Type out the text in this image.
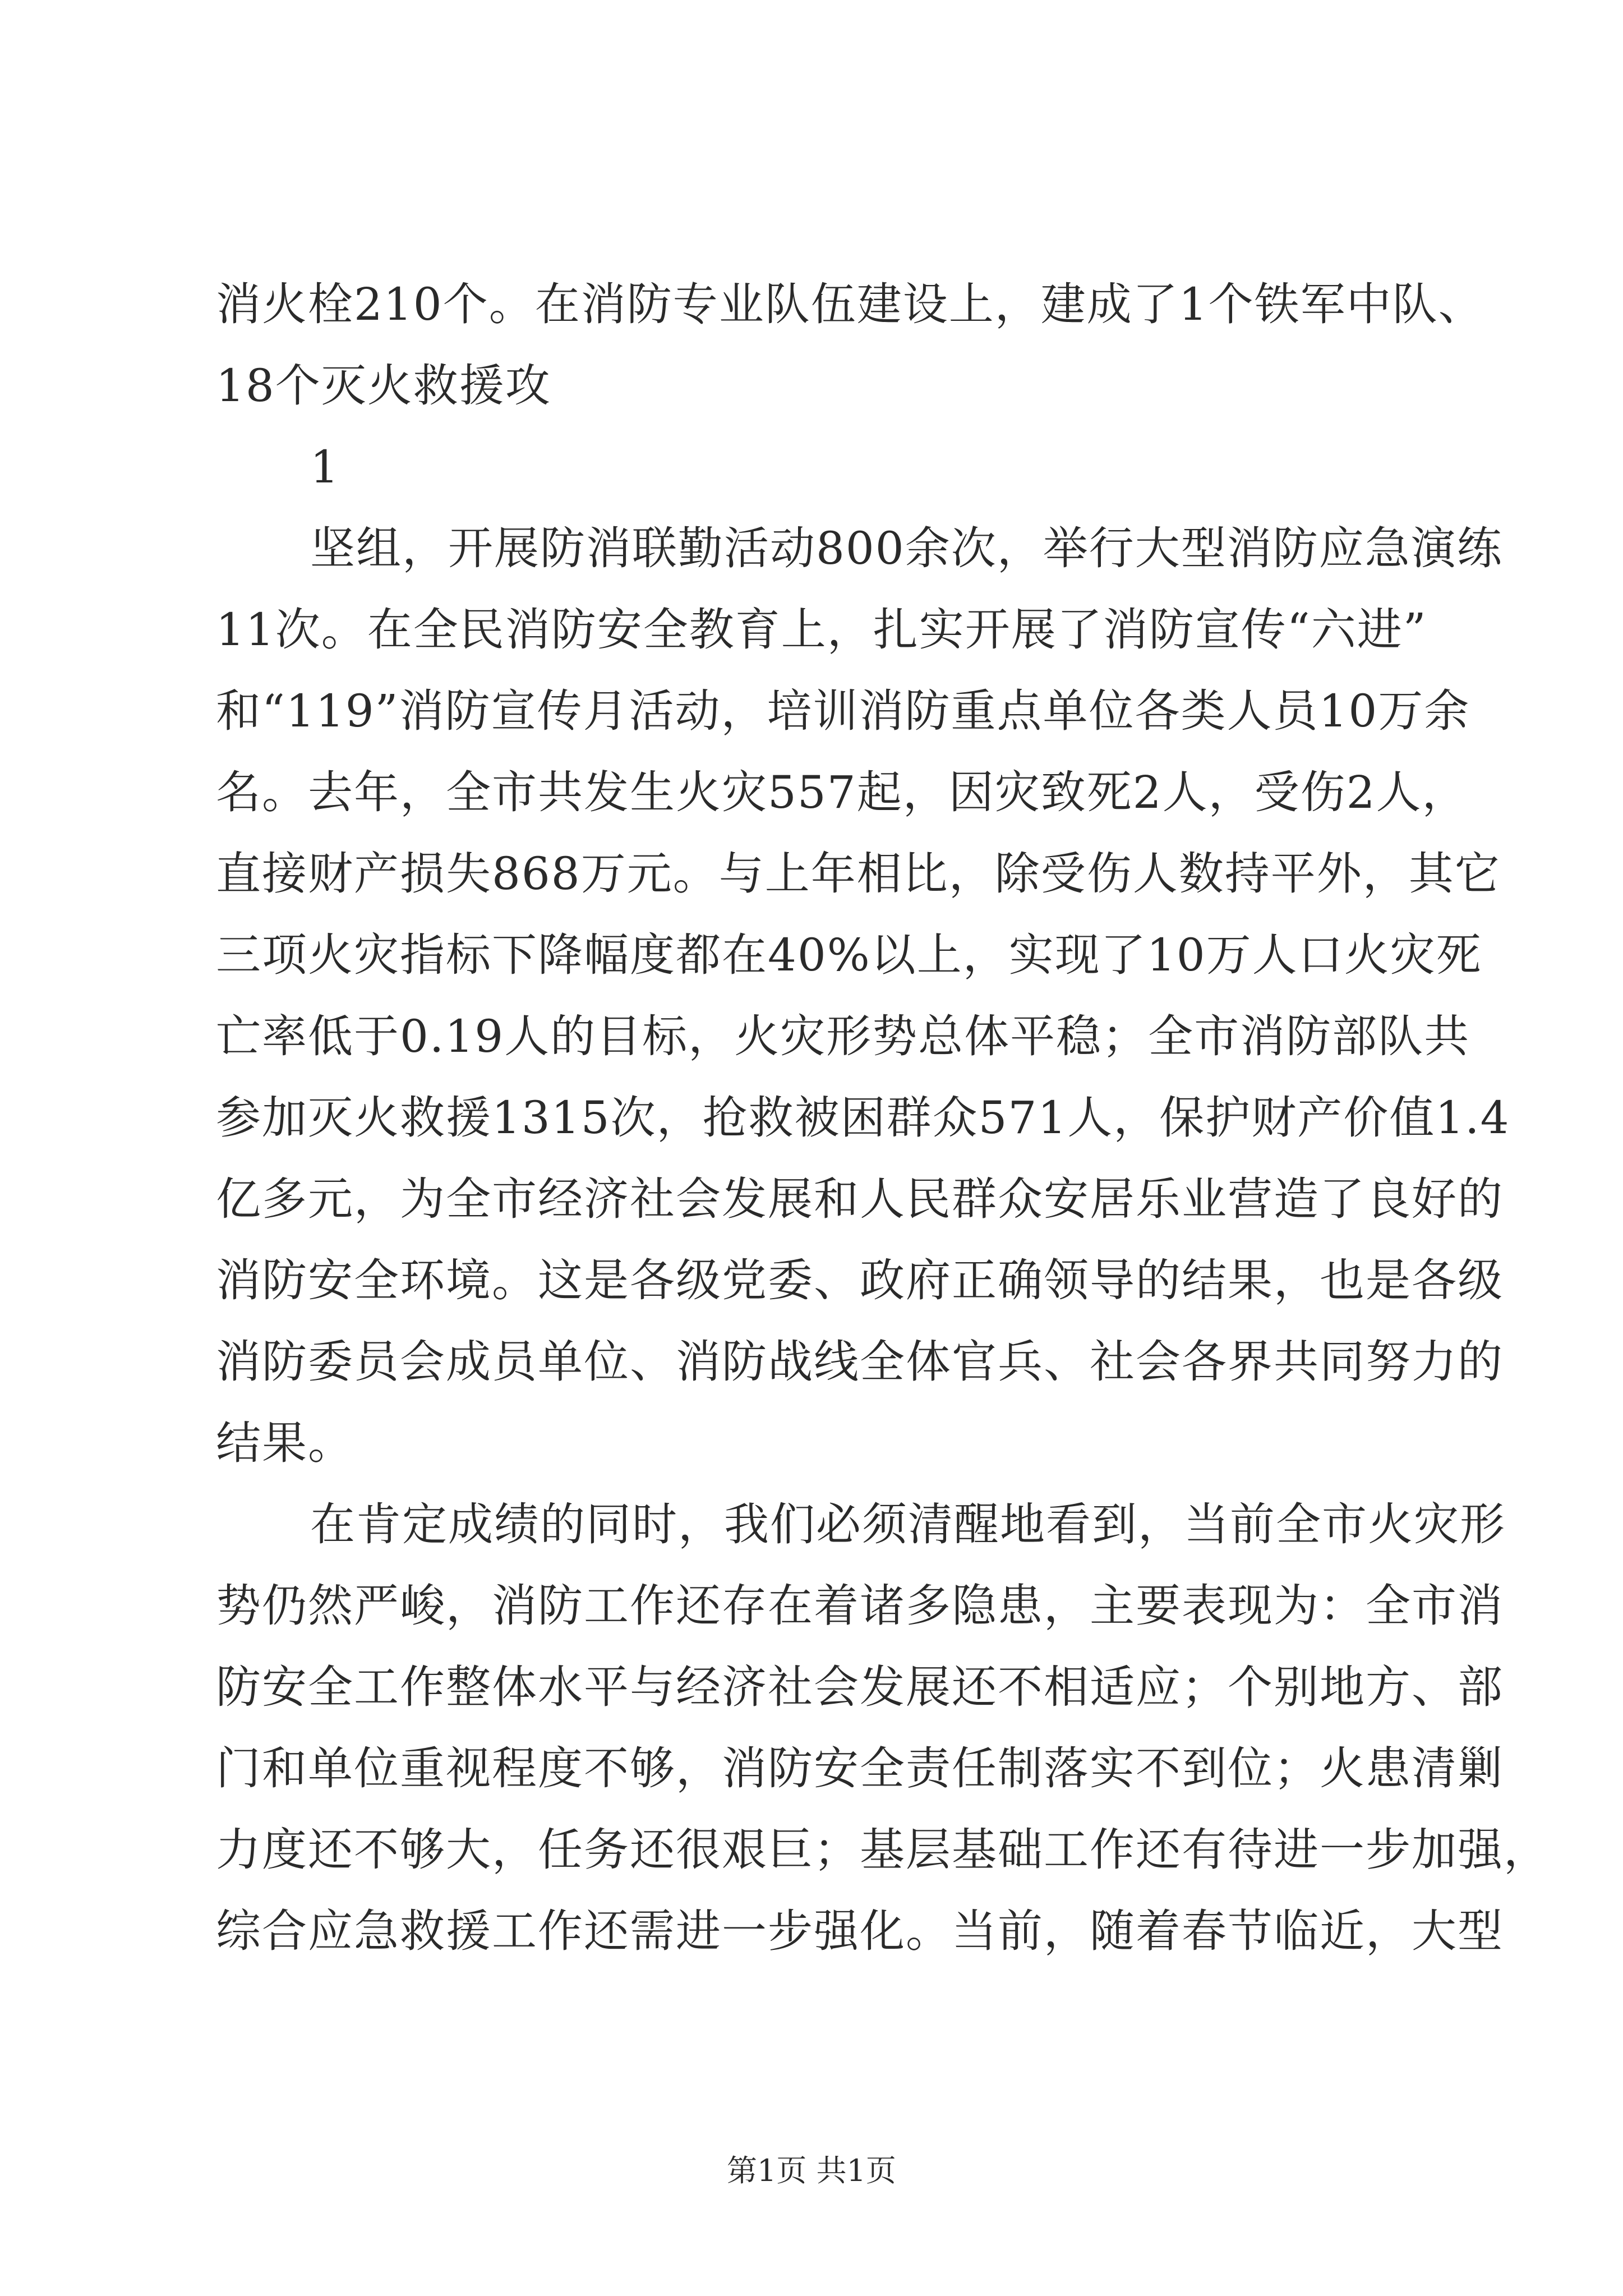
消火栓210个。在消防专业队伍建设上，建成了1个铁军中队、
18个灭火救援攻
1
坚组，开展防消联勤活动800余次，举行大型消防应急演练
11次。在全民消防安全教育上，扎实开展了消防宣传“六进”
和“119”消防宣传月活动，培训消防重点单位各类人员10万余
名。去年，全市共发生火灾557起，因灾致死2人，受伤2人，
直接财产损失868万元。与上年相比，除受伤人数持平外，其它
三项火灾指标下降幅度都在40%以上，实现了10万人口火灾死
亡率低于0.19人的目标，火灾形势总体平稳；全市消防部队共
参加灭火救援1315次，抢救被困群众571人，保护财产价值1.4
亿多元，为全市经济社会发展和人民群众安居乐业营造了良好的
消防安全环境。这是各级党委、政府正确领导的结果，也是各级
消防委员会成员单位、消防战线全体官兵、社会各界共同努力的
结果。
在肯定成绩的同时，我们必须清醒地看到，当前全市火灾形
势仍然严峻，消防工作还存在着诸多隐患，主要表现为：全市消
防安全工作整体水平与经济社会发展还不相适应；个别地方、部
门和单位重视程度不够，消防安全责任制落实不到位；火患清剿
力度还不够大，任务还很艰巨；基层基础工作还有待进一步加强，
综合应急救援工作还需进一步强化。当前，随着春节临近，大型
第1页 共1页
